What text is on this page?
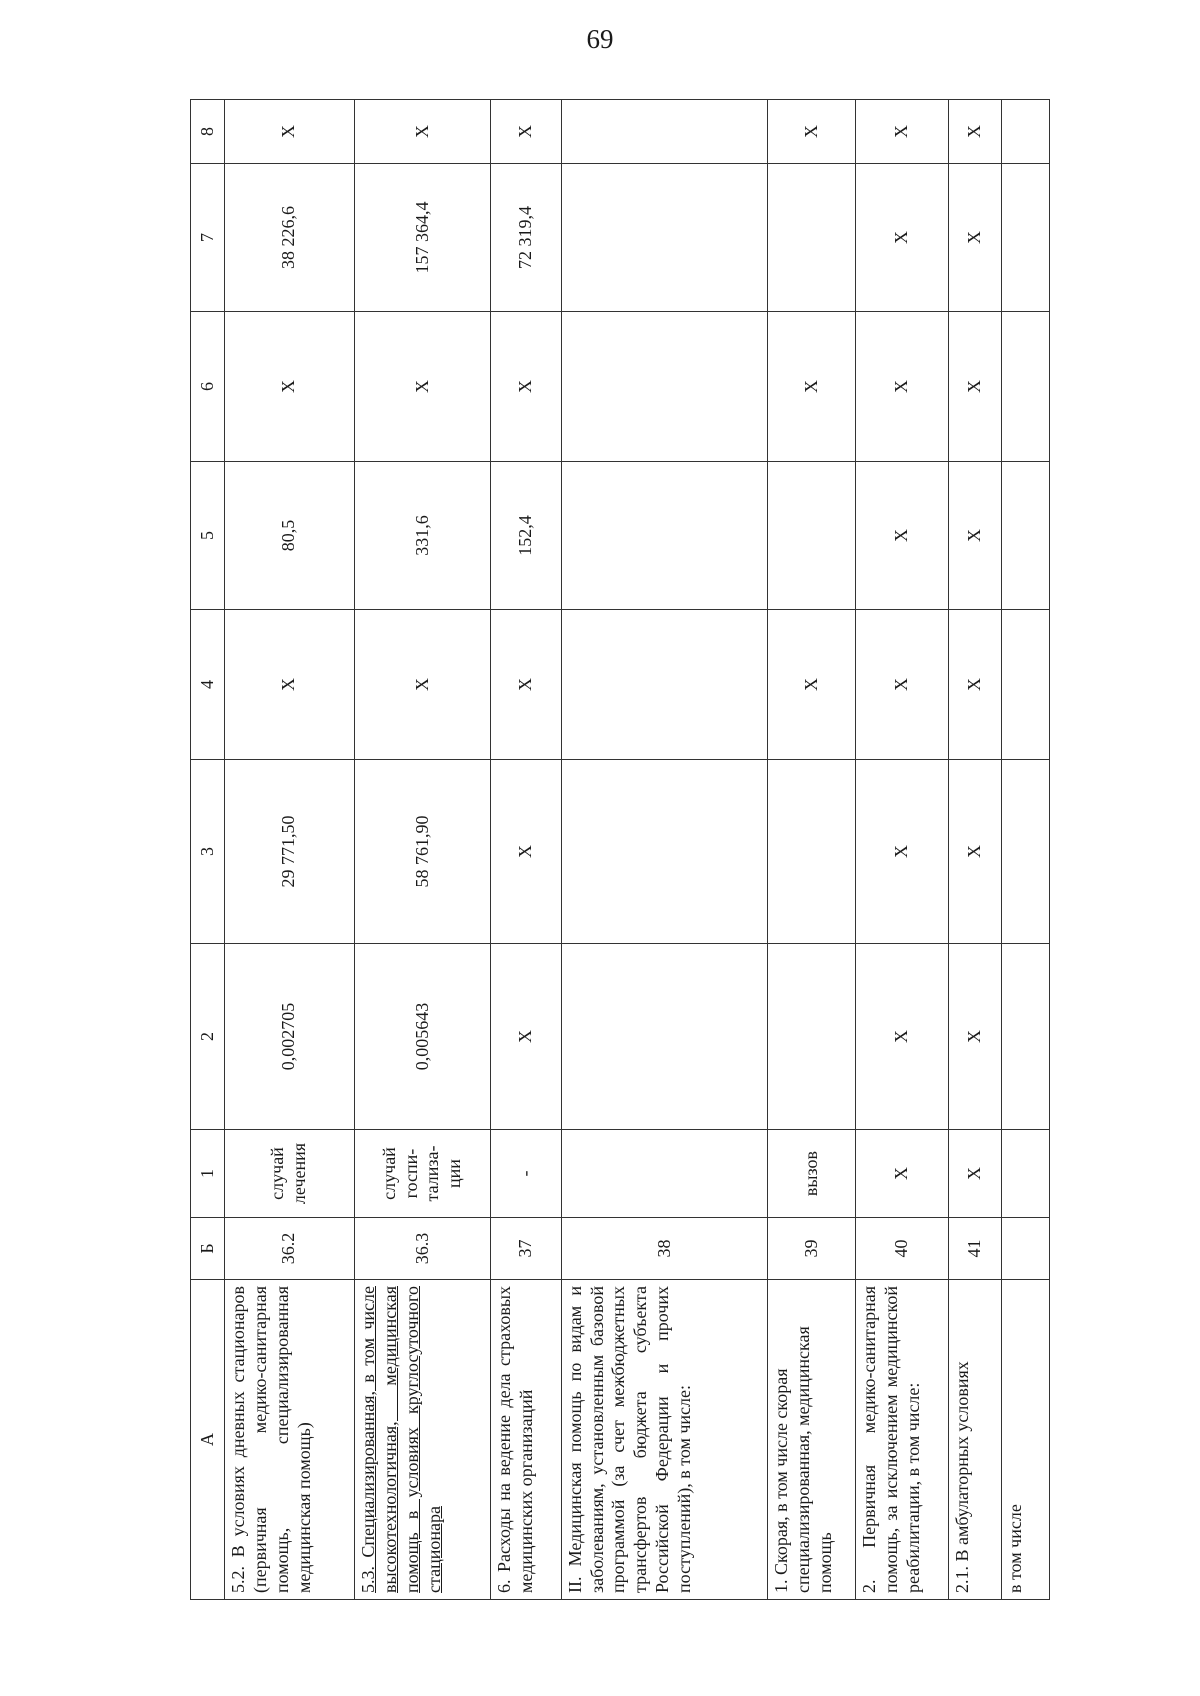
69
А	Б	1	2	3	4	5	6	7	8
5.2. В условиях дневных стационаров (первичная медико-санитарная помощь, специализированная медицинская помощь)	36.2	случай лечения	0,002705	29 771,50	Х	80,5	Х	38 226,6	Х
5.3. Специализированная, в том числе высокотехнологичная, медицинская помощь в условиях круглосуточного стационара	36.3	случай госпи-тализа-ции	0,005643	58 761,90	Х	331,6	Х	157 364,4	Х
6. Расходы на ведение дела страховых медицинских организаций	37	-	Х	Х	Х	152,4	Х	72 319,4	Х
II. Медицинская помощь по видам и заболеваниям, установленным базовой программой (за счет межбюджетных трансфертов бюджета субъекта Российской Федерации и прочих поступлений), в том числе:	38								
1. Скорая, в том числе скорая специализированная, медицинская помощь	39	вызов			Х		Х		Х
2. Первичная медико-санитарная помощь, за исключением медицинской реабилитации, в том числе:	40	Х	Х	Х	Х	Х	Х	Х	Х
2.1. В амбулаторных условиях	41	Х	Х	Х	Х	Х	Х	Х	Х
в том числе									
